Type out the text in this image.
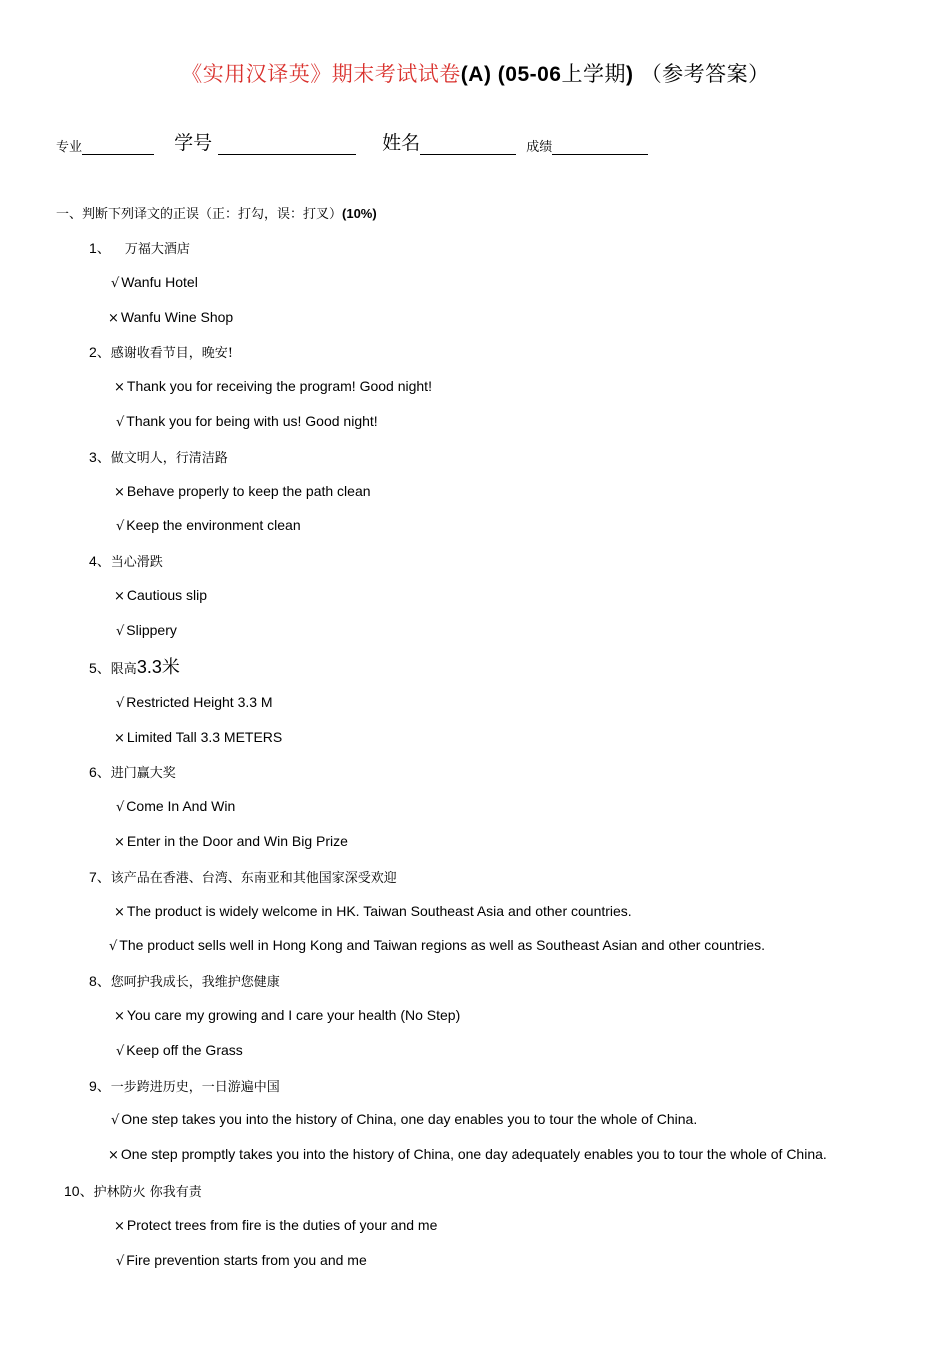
《实用汉译英》期末考试试卷(A) (05-06上学期) （参考答案）
专业	学号	姓名	成绩
一、判断下列译文的正误（正：打勾，误：打叉）(10%)
1、 万福大酒店
√ Wanfu Hotel
× Wanfu Wine Shop
2、感谢收看节目，晚安!
× Thank you for receiving the program! Good night!
√ Thank you for being with us! Good night!
3、做文明人，行清洁路
× Behave properly to keep the path clean
√ Keep the environment clean
4、当心滑跌
× Cautious slip
√ Slippery
5、限高3.3米
√ Restricted Height 3.3 M
× Limited Tall 3.3 METERS
6、进门赢大奖
√ Come In And Win
× Enter in the Door and Win Big Prize
7、该产品在香港、台湾、东南亚和其他国家深受欢迎
× The product is widely welcome in HK. Taiwan Southeast Asia and other countries.
√ The product sells well in Hong Kong and Taiwan regions as well as Southeast Asian and other countries.
8、您呵护我成长，我维护您健康
× You care my growing and I care your health (No Step)
√ Keep off the Grass
9、一步跨进历史，一日游遍中国
√ One step takes you into the history of China, one day enables you to tour the whole of China.
× One step promptly takes you into the history of China, one day adequately enables you to tour the whole of China.
10、护林防火 你我有责
× Protect trees from fire is the duties of your and me
√ Fire prevention starts from you and me
